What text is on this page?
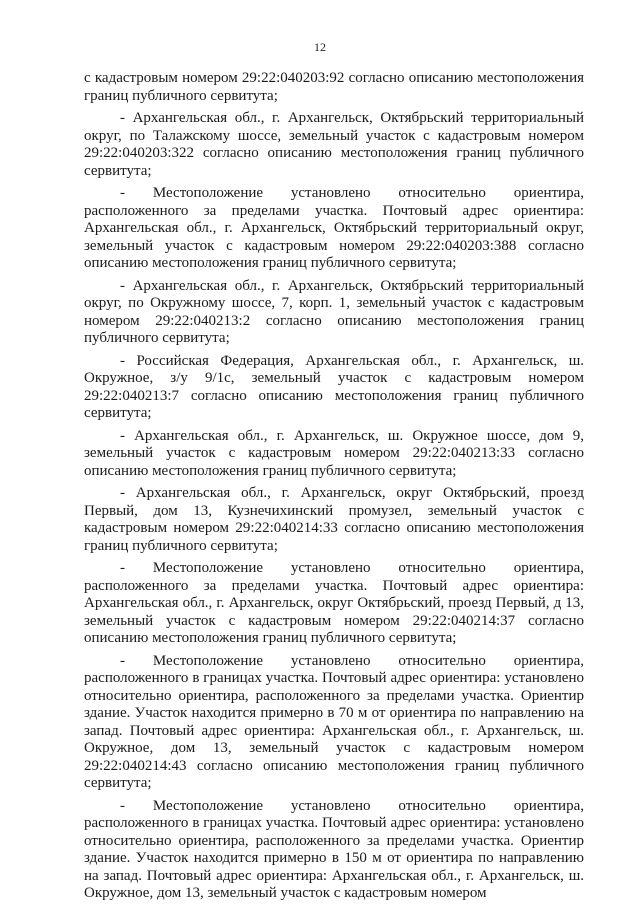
12

с кадастровым номером 29:22:040203:92 согласно описанию местоположения границ публичного сервитута;

- Архангельская обл., г. Архангельск, Октябрьский территориальный округ, по Талажскому шоссе, земельный участок с кадастровым номером 29:22:040203:322 согласно описанию местоположения границ публичного сервитута;

- Местоположение установлено относительно ориентира, расположенного за пределами участка. Почтовый адрес ориентира: Архангельская обл., г. Архангельск, Октябрьский территориальный округ, земельный участок с кадастровым номером 29:22:040203:388 согласно описанию местоположения границ публичного сервитута;

- Архангельская обл., г. Архангельск, Октябрьский территориальный округ, по Окружному шоссе, 7, корп. 1, земельный участок с кадастровым номером 29:22:040213:2 согласно описанию местоположения границ публичного сервитута;

- Российская Федерация, Архангельская обл., г. Архангельск, ш. Окружное, з/у 9/1с, земельный участок с кадастровым номером 29:22:040213:7 согласно описанию местоположения границ публичного сервитута;

- Архангельская обл., г. Архангельск, ш. Окружное шоссе, дом 9, земельный участок с кадастровым номером 29:22:040213:33 согласно описанию местоположения границ публичного сервитута;

- Архангельская обл., г. Архангельск, округ Октябрьский, проезд Первый, дом 13, Кузнечихинский промузел, земельный участок с кадастровым номером 29:22:040214:33 согласно описанию местоположения границ публичного сервитута;

- Местоположение установлено относительно ориентира, расположенного за пределами участка. Почтовый адрес ориентира: Архангельская обл., г. Архангельск, округ Октябрьский, проезд Первый, д 13, земельный участок с кадастровым номером 29:22:040214:37 согласно описанию местоположения границ публичного сервитута;

- Местоположение установлено относительно ориентира, расположенного в границах участка. Почтовый адрес ориентира: установлено относительно ориентира, расположенного за пределами участка. Ориентир здание. Участок находится примерно в 70 м от ориентира по направлению на запад. Почтовый адрес ориентира: Архангельская обл., г. Архангельск, ш. Окружное, дом 13, земельный участок с кадастровым номером 29:22:040214:43 согласно описанию местоположения границ публичного сервитута;

- Местоположение установлено относительно ориентира, расположенного в границах участка. Почтовый адрес ориентира: установлено относительно ориентира, расположенного за пределами участка. Ориентир здание. Участок находится примерно в 150 м от ориентира по направлению на запад. Почтовый адрес ориентира: Архангельская обл., г. Архангельск, ш. Окружное, дом 13, земельный участок с кадастровым номером
